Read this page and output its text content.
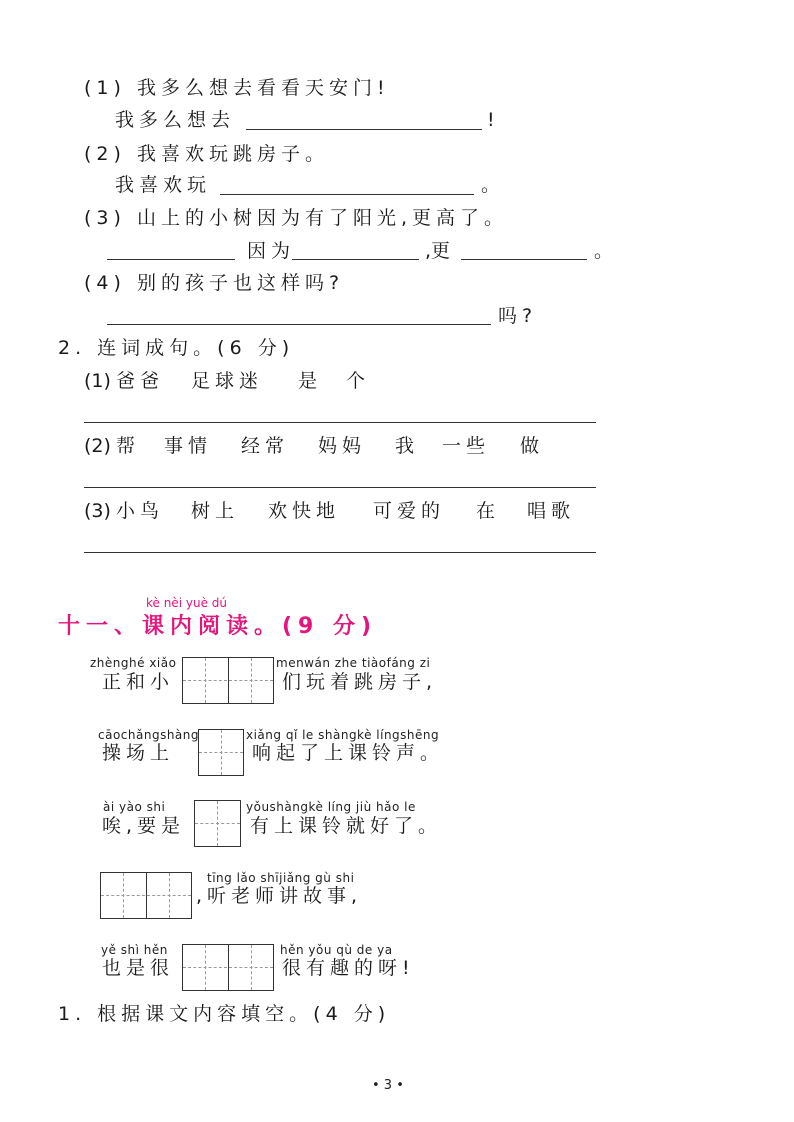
(1) 我多么想去看看天安门!
我多么想去	!
(2) 我喜欢玩跳房子。
我喜欢玩	。
(3) 山上的小树因为有了阳光,更高了。
因为	,更	。
(4) 别的孩子也这样吗?
吗?
2. 连词成句。(6 分)
(1) 爸爸 足球迷 是 个
(2) 帮 事情 经常 妈妈 我 一些 做
(3) 小鸟 树上 欢快地 可爱的 在 唱歌
kè nèi yuè dú
十一、课内阅读。(9 分)
zhènghé xiǎo
正和小
menwán zhe tiàofáng zi
们玩着跳房子,
cāochǎngshàng
操场上
xiǎng qǐ le shàngkè língshēng
响起了上课铃声。
ài yào shi
唉,要是
yǒushàngkè líng jiù hǎo le
有上课铃就好了。
tīng lǎo shījiǎng gù shi
,听老师讲故事,
yě shì hěn
也是很
hěn yǒu qù de ya
很有趣的呀!
1. 根据课文内容填空。(4 分)
• 3 •
